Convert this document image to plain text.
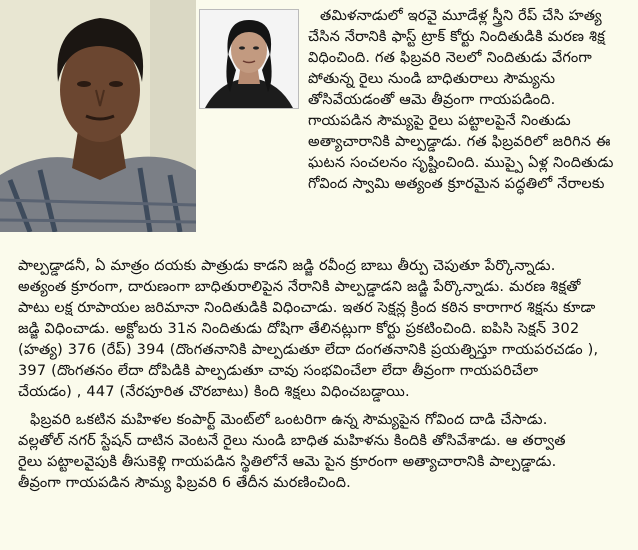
తమిళనాడులో ఇరవై మూడేళ్ల స్త్రీని రేప్ చేసి హత్య
చేసిన నేరానికి ఫాస్ట్ ట్రాక్ కోర్టు నిందితుడికి మరణ శిక్ష
విధించింది. గత ఫిబ్రవరి నెలలో నిందితుడు వేగంగా
పోతున్న రైలు నుండి బాధితురాలు సౌమ్యను
తోసివేయడంతో ఆమె తీవ్రంగా గాయపడింది.
గాయపడిన సౌమ్యపై రైలు పట్టాలపైనే నింతుడు
అత్యాచారానికి పాల్పడ్డాడు. గత ఫిబ్రవరిలో జరిగిన ఈ
ఘటన సంచలనం సృష్టించింది. ముప్పై ఏళ్ల నిందితుడు
గోవింద స్వామి అత్యంత క్రూరమైన పద్ధతిలో నేరాలకు
పాల్పడ్డాడనీ, ఏ మాత్రం దయకు పాత్రుడు కాడని జడ్జి రవీంద్ర బాబు తీర్పు చెపుతూ పేర్కొన్నాడు.
అత్యంత క్రూరంగా, దారుణంగా బాధితురాలిపైన నేరానికి పాల్పడ్డాడని జడ్జి పేర్కొన్నాడు. మరణ శిక్షతో
పాటు లక్ష రూపాయల జరిమానా నిందితుడికి విధించాడు. ఇతర సెక్షన్ల క్రింద కఠిన కారాగార శిక్షను కూడా
జడ్జి విధించాడు. అక్టోబరు 31న నిందితుడు దోషిగా తేలినట్లుగా కోర్టు ప్రకటించింది. ఐపిసి సెక్షన్ 302
(హత్య) 376 (రేప్) 394 (దొంగతనానికి పాల్పడుతూ లేదా దంగతనానికి ప్రయత్నిస్తూ గాయపరచడం ),
397 (దొంగతనం లేదా దోపిడికి పాల్పడుతూ చావు సంభవించేలా లేదా తీవ్రంగా గాయపరిచేలా
చేయడం) , 447 (నేరపూరిత చొరబాటు) కింది శిక్షలు విధించబడ్డాయి.
ఫిబ్రవరి ఒకటిన మహిళల కంపార్ట్ మెంట్‌లో ఒంటరిగా ఉన్న సౌమ్యపైన గోవింద దాడి చేసాడు.
వల్లతోల్ నగర్ స్టేషన్ దాటిన వెంటనే రైలు నుండి బాధిత మహిళను కిందికి తోసివేశాడు. ఆ తర్వాత
రైలు పట్టాలవైపుకి తీసుకెళ్లి గాయపడిన స్థితిలోనే ఆమె పైన క్రూరంగా అత్యాచారానికి పాల్పడ్డాడు.
తీవ్రంగా గాయపడిన సౌమ్య ఫిబ్రవరి 6 తేదీన మరణించింది.
